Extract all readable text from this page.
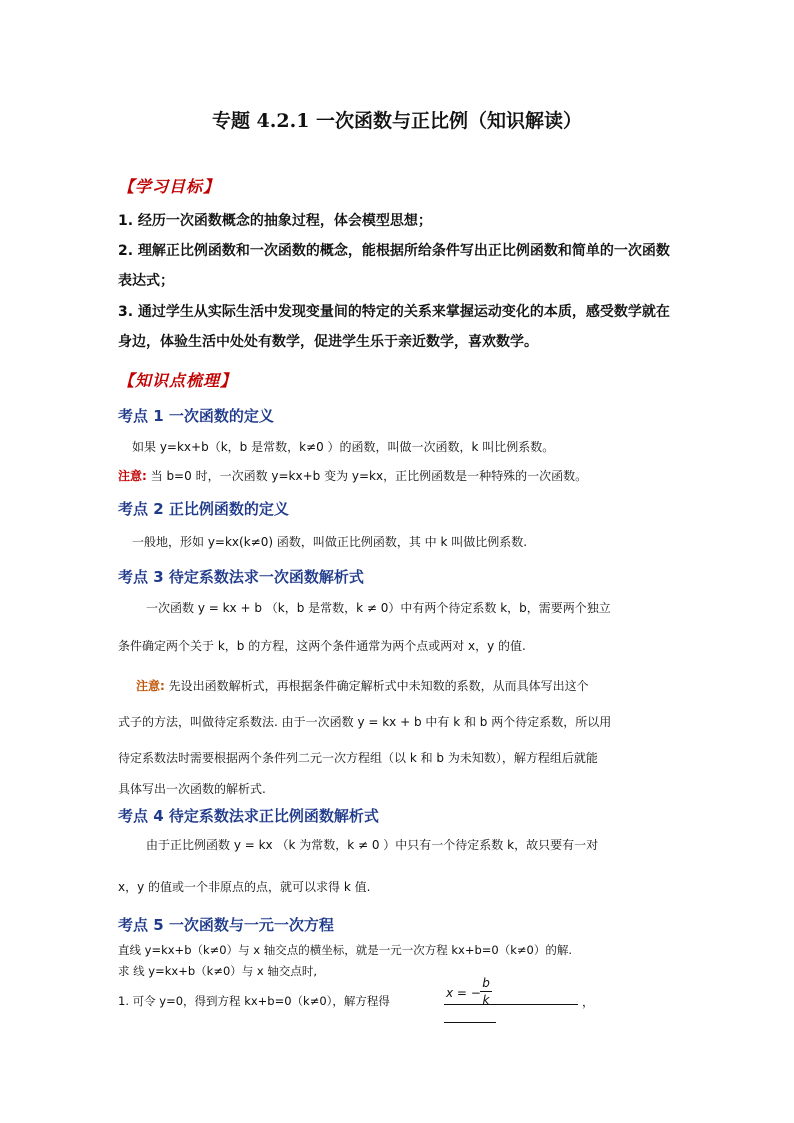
专题 4.2.1 一次函数与正比例（知识解读）
【学习目标】
1. 经历一次函数概念的抽象过程，体会模型思想；
2. 理解正比例函数和一次函数的概念，能根据所给条件写出正比例函数和简单的一次函数
表达式；
3. 通过学生从实际生活中发现变量间的特定的关系来掌握运动变化的本质，感受数学就在
身边，体验生活中处处有数学，促进学生乐于亲近数学，喜欢数学。
【知识点梳理】
考点 1 一次函数的定义
如果 y=kx+b（k，b 是常数，k≠0 ）的函数，叫做一次函数，k 叫比例系数。
注意: 当 b=0 时，一次函数 y=kx+b 变为 y=kx，正比例函数是一种特殊的一次函数。
考点 2 正比例函数的定义
一般地，形如 y=kx(k≠0) 函数，叫做正比例函数，其 中 k 叫做比例系数.
考点 3 待定系数法求一次函数解析式
一次函数 y = kx + b （k，b 是常数，k ≠ 0）中有两个待定系数 k，b，需要两个独立
条件确定两个关于 k，b 的方程，这两个条件通常为两个点或两对 x，y 的值.
注意: 先设出函数解析式，再根据条件确定解析式中未知数的系数，从而具体写出这个
式子的方法，叫做待定系数法. 由于一次函数 y = kx + b 中有 k 和 b 两个待定系数，所以用
待定系数法时需要根据两个条件列二元一次方程组（以 k 和 b 为未知数），解方程组后就能
具体写出一次函数的解析式.
考点 4 待定系数法求正比例函数解析式
由于正比例函数 y = kx （k 为常数，k ≠ 0 ）中只有一个待定系数 k，故只要有一对
x，y 的值或一个非原点的点，就可以求得 k 值.
考点 5 一次函数与一元一次方程
直线 y=kx+b（k≠0）与 x 轴交点的横坐标，就是一元一次方程 kx+b=0（k≠0）的解.
求 线 y=kx+b（k≠0）与 x 轴交点时,
1. 可令 y=0，得到方程 kx+b=0（k≠0），解方程得
x = −
b
k	，
